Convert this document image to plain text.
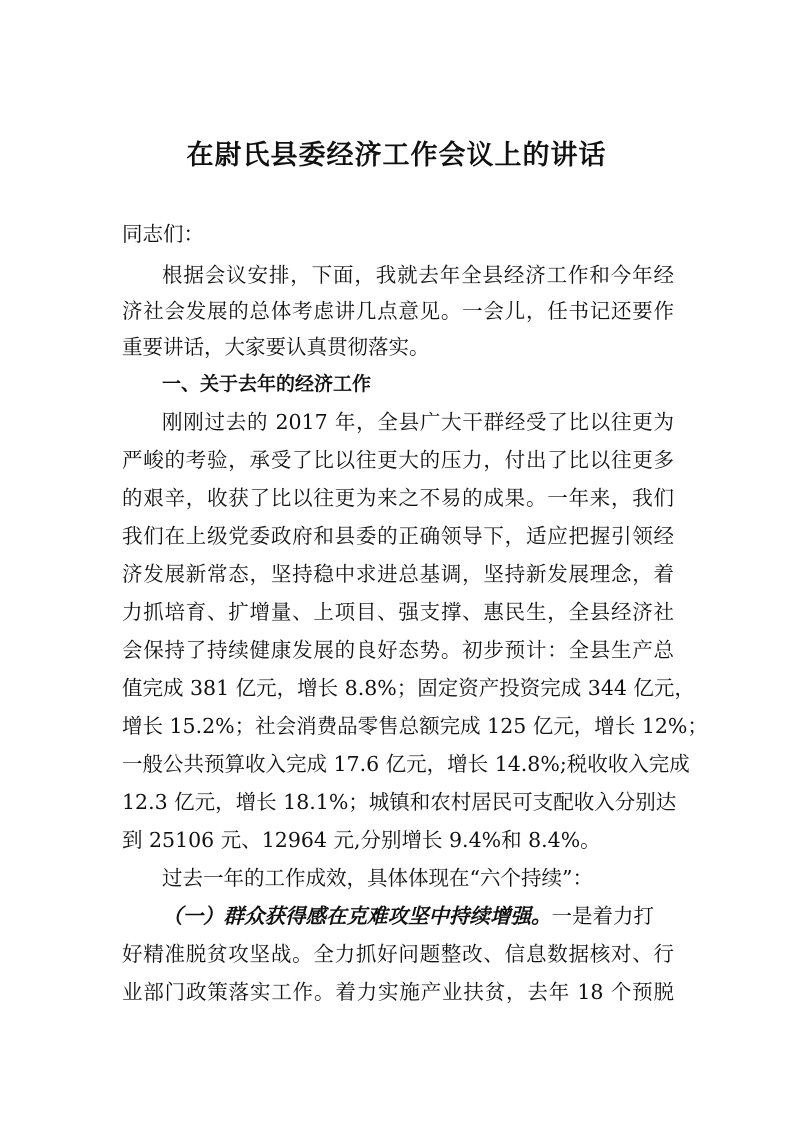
在尉氏县委经济工作会议上的讲话
同志们：
根据会议安排，下面，我就去年全县经济工作和今年经
济社会发展的总体考虑讲几点意见。一会儿，任书记还要作
重要讲话，大家要认真贯彻落实。
一、关于去年的经济工作
刚刚过去的 2017 年，全县广大干群经受了比以往更为
严峻的考验，承受了比以往更大的压力，付出了比以往更多
的艰辛，收获了比以往更为来之不易的成果。一年来，我们
我们在上级党委政府和县委的正确领导下，适应把握引领经
济发展新常态，坚持稳中求进总基调，坚持新发展理念，着
力抓培育、扩增量、上项目、强支撑、惠民生，全县经济社
会保持了持续健康发展的良好态势。初步预计：全县生产总
值完成 381 亿元，增长 8.8%；固定资产投资完成 344 亿元，
增长 15.2%；社会消费品零售总额完成 125 亿元，增长 12%；
一般公共预算收入完成 17.6 亿元，增长 14.8%;税收收入完成
12.3 亿元，增长 18.1%；城镇和农村居民可支配收入分别达
到 25106 元、12964 元,分别增长 9.4%和 8.4%。
过去一年的工作成效，具体体现在“六个持续”：
（一）群众获得感在克难攻坚中持续增强。一是着力打
好精准脱贫攻坚战。全力抓好问题整改、信息数据核对、行
业部门政策落实工作。着力实施产业扶贫，去年 18 个预脱
